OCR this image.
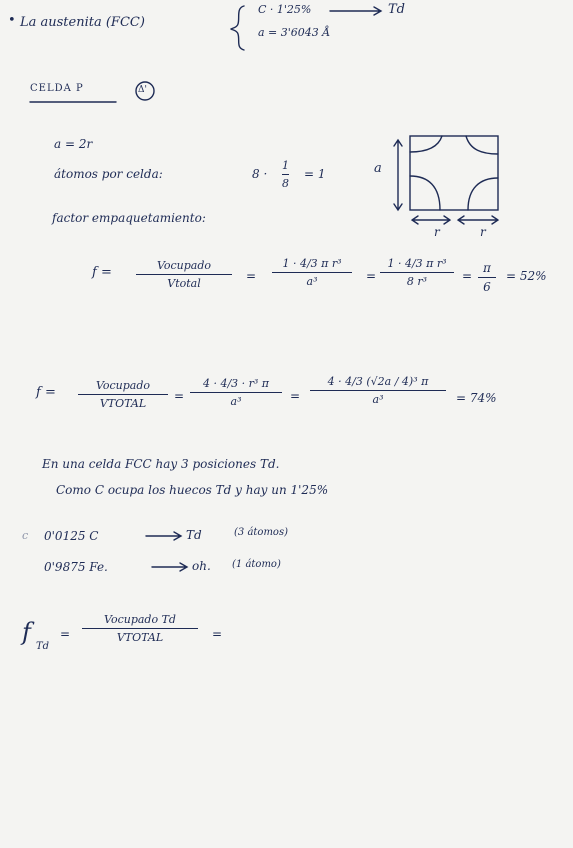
• La austenita (FCC)
C · 1'25%	Td
a = 3'6043 Å
CELDA P	Δ'
a = 2r
átomos por celda:	8 ·
1
8
= 1
factor empaquetamiento:
a
r	r
f =	Vocupado
Vtotal
=
1 · 4/3 π r³
a³	=
1 · 4/3 π r³
8 r³	=
π
6
= 52%
f =	Vocupado
VTOTAL
=
4 · 4/3 · r³ π
a³	=
4 · 4/3 (√2a / 4)³ π
a³	= 74%
En una celda FCC hay 3 posiciones Td.
Como C ocupa los huecos Td y hay un 1'25%
c 0'0125 C	Td	(3 átomos)
0'9875 Fe.	oh. (1 átomo)
f
Td
=
Vocupado Td
VTOTAL	=
